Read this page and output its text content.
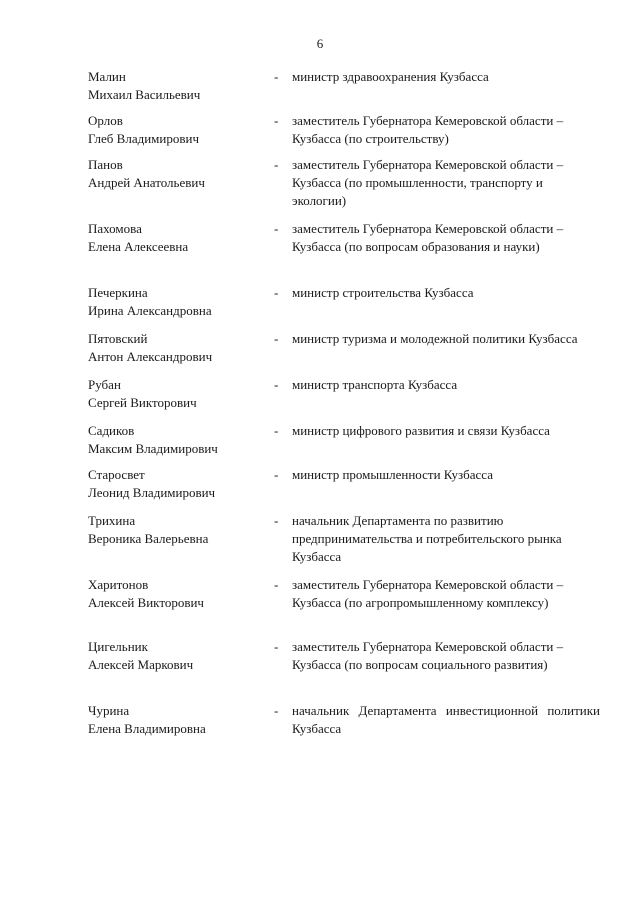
6
Малин
Михаил Васильевич
-	министр здравоохранения Кузбасса
Орлов
Глеб Владимирович
-	заместитель Губернатора Кемеровской области – Кузбасса (по строительству)
Панов
Андрей Анатольевич
-	заместитель Губернатора Кемеровской области – Кузбасса (по промышленности, транспорту и экологии)
Пахомова
Елена Алексеевна
-	заместитель Губернатора Кемеровской области – Кузбасса (по вопросам образования и науки)
Печеркина
Ирина Александровна
-	министр строительства Кузбасса
Пятовский
Антон Александрович
-	министр туризма и молодежной политики Кузбасса
Рубан
Сергей Викторович
-	министр транспорта Кузбасса
Садиков
Максим Владимирович
-	министр цифрового развития и связи Кузбасса
Старосвет
Леонид Владимирович
-	министр промышленности Кузбасса
Трихина
Вероника Валерьевна
-	начальник Департамента по развитию предпринимательства и потребительского рынка Кузбасса
Харитонов
Алексей Викторович
-	заместитель Губернатора Кемеровской области – Кузбасса (по агропромышленному комплексу)
Цигельник
Алексей Маркович
-	заместитель Губернатора Кемеровской области – Кузбасса (по вопросам социального развития)
Чурина
Елена Владимировна
-	начальник Департамента инвестиционной политики Кузбасса
